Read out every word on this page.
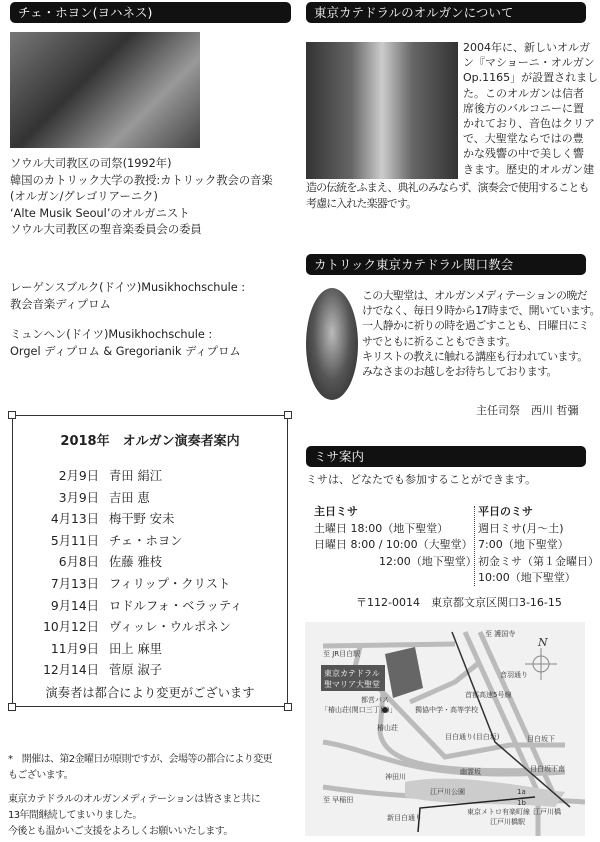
チェ・ホヨン(ヨハネス)
ソウル大司教区の司祭(1992年)
韓国のカトリック大学の教授:カトリック教会の音楽
(オルガン/グレゴリアーニク)
‘Alte Musik Seoul’のオルガニスト
ソウル大司教区の聖音楽委員会の委員
レーゲンスブルク(ドイツ)Musikhochschule :
教会音楽ディプロム
ミュンヘン(ドイツ)Musikhochschule :
Orgel ディプロム & Gregorianik ディプロム
2018年　オルガン演奏者案内
2月9日 青田 絹江
3月9日 吉田 恵
4月13日 梅干野 安未
5月11日 チェ・ホヨン
6月8日 佐藤 雅枝
7月13日 フィリップ・クリスト
9月14日 ロドルフォ・ベラッティ
10月12日 ヴィッレ・ウルポネン
11月9日 田上 麻里
12月14日 菅原 淑子
演奏者は都合により変更がございます
*　開催は、第2金曜日が原則ですが、会場等の都合により変更
もございます。
東京カテドラルのオルガンメディテーションは皆さまと共に
13年間継続してまいりました。
今後とも温かいご支援をよろしくお願いいたします。
東京カテドラルのオルガンについて
2004年に、新しいオルガ
ン『マショーニ・オルガン
Op.1165」が設置されまし
た。このオルガンは信者
席後方のバルコニーに置
かれており、音色はクリア
で、大聖堂ならではの豊
かな残響の中で美しく響
きます。歴史的オルガン建
造の伝統をふまえ、典礼のみならず、演奏会で使用することも
考慮に入れた楽器です。
カトリック東京カテドラル関口教会
この大聖堂は、オルガンメディテーションの晩だ
けでなく、毎日９時から17時まで、開いています。
一人静かに祈りの時を過ごすことも、日曜日にミ
サでともに祈ることもできます。
キリストの教えに触れる講座も行われています。
みなさまのお越しをお待ちしております。
主任司祭　西川 哲彌
ミサ案内
ミサは、どなたでも参加することができます。
主日ミサ
土曜日 18:00（地下聖堂）
日曜日 8:00 / 10:00（大聖堂）
12:00（地下聖堂）
平日のミサ
週日ミサ(月～土)
7:00（地下聖堂）
初金ミサ（第１金曜日）
10:00（地下聖堂）
〒112-0014　東京都文京区関口3-16-15
N
至 JR目白駅
東京カテドラル
聖マリア大聖堂
都営バス
「椿山荘(関口三丁目)」
椿山荘
獨協中学・高等学校
目白通り(目白坂)	目白坂下
目白坂下南
至 護国寺
音羽通り
首都高速5号線
幽霊坂
神田川
江戸川公園
至 早稲田
新目白通り
東京メトロ有楽町線
江戸川橋駅
江戸川橋
1a
1b
